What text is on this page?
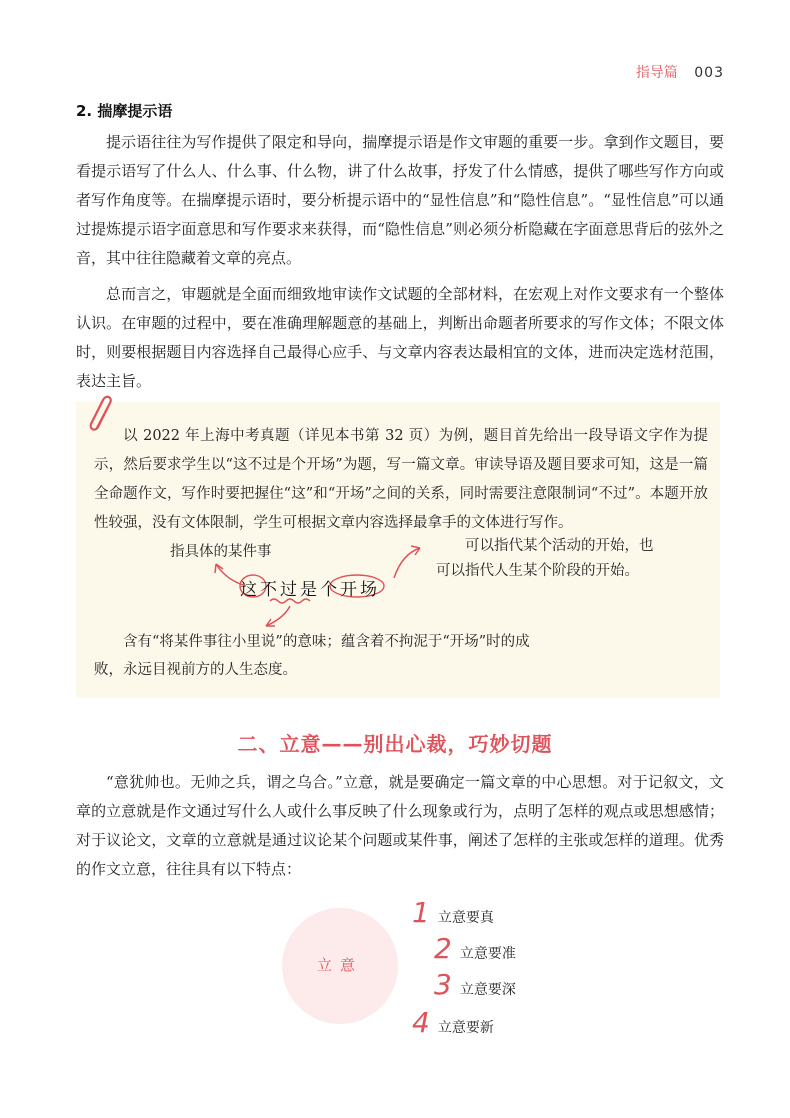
指导篇 003
2. 揣摩提示语

提示语往往为写作提供了限定和导向，揣摩提示语是作文审题的重要一步。拿到作文题目，要看提示语写了什么人、什么事、什么物，讲了什么故事，抒发了什么情感，提供了哪些写作方向或者写作角度等。在揣摩提示语时，要分析提示语中的“显性信息”和“隐性信息”。“显性信息”可以通过提炼提示语字面意思和写作要求来获得，而“隐性信息”则必须分析隐藏在字面意思背后的弦外之音，其中往往隐藏着文章的亮点。

总而言之，审题就是全面而细致地审读作文试题的全部材料，在宏观上对作文要求有一个整体认识。在审题的过程中，要在准确理解题意的基础上，判断出命题者所要求的写作文体；不限文体时，则要根据题目内容选择自己最得心应手、与文章内容表达最相宜的文体，进而决定选材范围，表达主旨。

以 2022 年上海中考真题（详见本书第 32 页）为例，题目首先给出一段导语文字作为提示，然后要求学生以“这不过是个开场”为题，写一篇文章。审读导语及题目要求可知，这是一篇全命题作文，写作时要把握住“这”和“开场”之间的关系，同时需要注意限制词“不过”。本题开放性较强，没有文体限制，学生可根据文章内容选择最拿手的文体进行写作。

指具体的某件事

这不过是个开场

可以指代某个活动的开始，也可以指代人生某个阶段的开始。

含有“将某件事往小里说”的意味；蕴含着不拘泥于“开场”时的成败，永远目视前方的人生态度。

二、立意——别出心裁，巧妙切题

“意犹帅也。无帅之兵，谓之乌合。”立意，就是要确定一篇文章的中心思想。对于记叙文，文章的立意就是作文通过写什么人或什么事反映了什么现象或行为，点明了怎样的观点或思想感情；对于议论文，文章的立意就是通过议论某个问题或某件事，阐述了怎样的主张或怎样的道理。优秀的作文立意，往往具有以下特点：

立意
1 立意要真
2 立意要准
3 立意要深
4 立意要新
